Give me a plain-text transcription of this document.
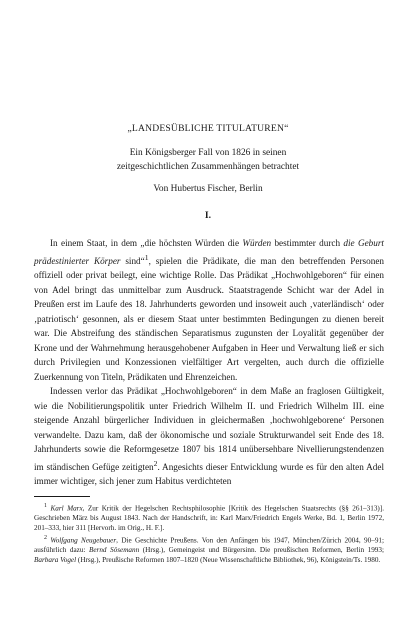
„LANDESÜBLICHE TITULATUREN“
Ein Königsberger Fall von 1826 in seinen
zeitgeschichtlichen Zusammenhängen betrachtet
Von Hubertus Fischer, Berlin
I.

In einem Staat, in dem „die höchsten Würden die Würden bestimmter durch die Geburt prädestinierter Körper sind“$^1$, spielen die Prädikate, die man den betreffenden Personen offiziell oder privat beilegt, eine wichtige Rolle. Das Prädikat „Hochwohlgeboren“ für einen von Adel bringt das unmittelbar zum Ausdruck. Staatstragende Schicht war der Adel in Preußen erst im Laufe des 18. Jahrhunderts geworden und insoweit auch ‚vaterländisch‘ oder ‚patriotisch‘ gesonnen, als er diesem Staat unter bestimmten Bedingungen zu dienen bereit war. Die Abstreifung des ständischen Separatismus zugunsten der Loyalität gegenüber der Krone und der Wahrnehmung herausgehobener Aufgaben in Heer und Verwaltung ließ er sich durch Privilegien und Konzessionen vielfältiger Art vergelten, auch durch die offizielle Zuerkennung von Titeln, Prädikaten und Ehrenzeichen.

Indessen verlor das Prädikat „Hochwohlgeboren“ in dem Maße an fraglosen Gültigkeit, wie die Nobilitierungspolitik unter Friedrich Wilhelm II. und Friedrich Wilhelm III. eine steigende Anzahl bürgerlicher Individuen in gleichermaßen ‚hochwohlgeborene‘ Personen verwandelte. Dazu kam, daß der ökonomische und soziale Strukturwandel seit Ende des 18. Jahrhunderts sowie die Reformgesetze 1807 bis 1814 unübersehbare Nivellierungstendenzen im ständischen Gefüge zeitigten$^2$. Angesichts dieser Entwicklung wurde es für den alten Adel immer wichtiger, sich jener zum Habitus verdichteten

$^1$ Karl Marx, Zur Kritik der Hegelschen Rechtsphilosophie [Kritik des Hegelschen Staatsrechts (§§ 261–313)]. Geschrieben März bis August 1843. Nach der Handschrift, in: Karl Marx/Friedrich Engels Werke, Bd. 1, Berlin 1972, 201–333, hier 311 [Hervorh. im Orig., H. F.].

$^2$ Wolfgang Neugebauer, Die Geschichte Preußens. Von den Anfängen bis 1947, München/Zürich 2004, 90–91; ausführlich dazu: Bernd Sösemann (Hrsg.), Gemeingeist und Bürgersinn. Die preußischen Reformen, Berlin 1993; Barbara Vogel (Hrsg.), Preußische Reformen 1807–1820 (Neue Wissenschaftliche Bibliothek, 96), Königstein/Ts. 1980.
